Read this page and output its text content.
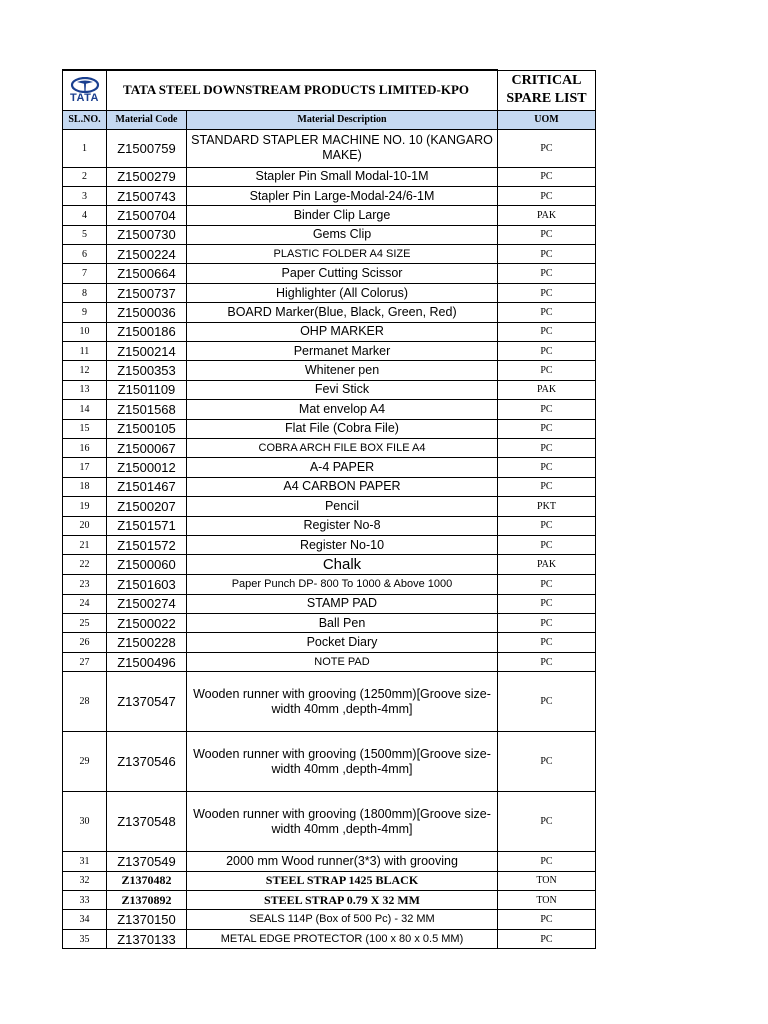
TATA	TATA STEEL DOWNSTREAM PRODUCTS LIMITED-KPO		CRITICAL
SPARE LIST

SL.NO.	Material Code	Material Description	UOM
1	Z1500759	STANDARD STAPLER MACHINE NO. 10 (KANGARO MAKE)	PC
2	Z1500279	Stapler Pin Small Modal-10-1M	PC
3	Z1500743	Stapler Pin Large-Modal-24/6-1M	PC
4	Z1500704	Binder Clip Large	PAK
5	Z1500730	Gems Clip	PC
6	Z1500224	PLASTIC FOLDER A4 SIZE	PC
7	Z1500664	Paper Cutting Scissor	PC
8	Z1500737	Highlighter (All Colorus)	PC
9	Z1500036	BOARD Marker(Blue, Black, Green, Red)	PC
10	Z1500186	OHP MARKER	PC
11	Z1500214	Permanet Marker	PC
12	Z1500353	Whitener pen	PC
13	Z1501109	Fevi Stick	PAK
14	Z1501568	Mat envelop A4	PC
15	Z1500105	Flat File (Cobra File)	PC
16	Z1500067	COBRA ARCH FILE BOX FILE A4	PC
17	Z1500012	A-4 PAPER	PC
18	Z1501467	A4 CARBON PAPER	PC
19	Z1500207	Pencil	PKT
20	Z1501571	Register No-8	PC
21	Z1501572	Register No-10	PC
22	Z1500060	Chalk	PAK
23	Z1501603	Paper Punch DP- 800 To 1000 & Above 1000	PC
24	Z1500274	STAMP PAD	PC
25	Z1500022	Ball Pen	PC
26	Z1500228	Pocket Diary	PC
27	Z1500496	NOTE PAD	PC
28	Z1370547	Wooden runner with grooving (1250mm)[Groove size- width 40mm ,depth-4mm]	PC
29	Z1370546	Wooden runner with grooving (1500mm)[Groove size- width 40mm ,depth-4mm]	PC
30	Z1370548	Wooden runner with grooving (1800mm)[Groove size- width 40mm ,depth-4mm]	PC
31	Z1370549	2000 mm Wood runner(3*3) with grooving	PC
32	Z1370482	STEEL STRAP 1425 BLACK	TON
33	Z1370892	STEEL STRAP 0.79 X 32 MM	TON
34	Z1370150	SEALS 114P (Box of 500 Pc) - 32 MM	PC
35	Z1370133	METAL EDGE PROTECTOR (100 x 80 x 0.5 MM)	PC
